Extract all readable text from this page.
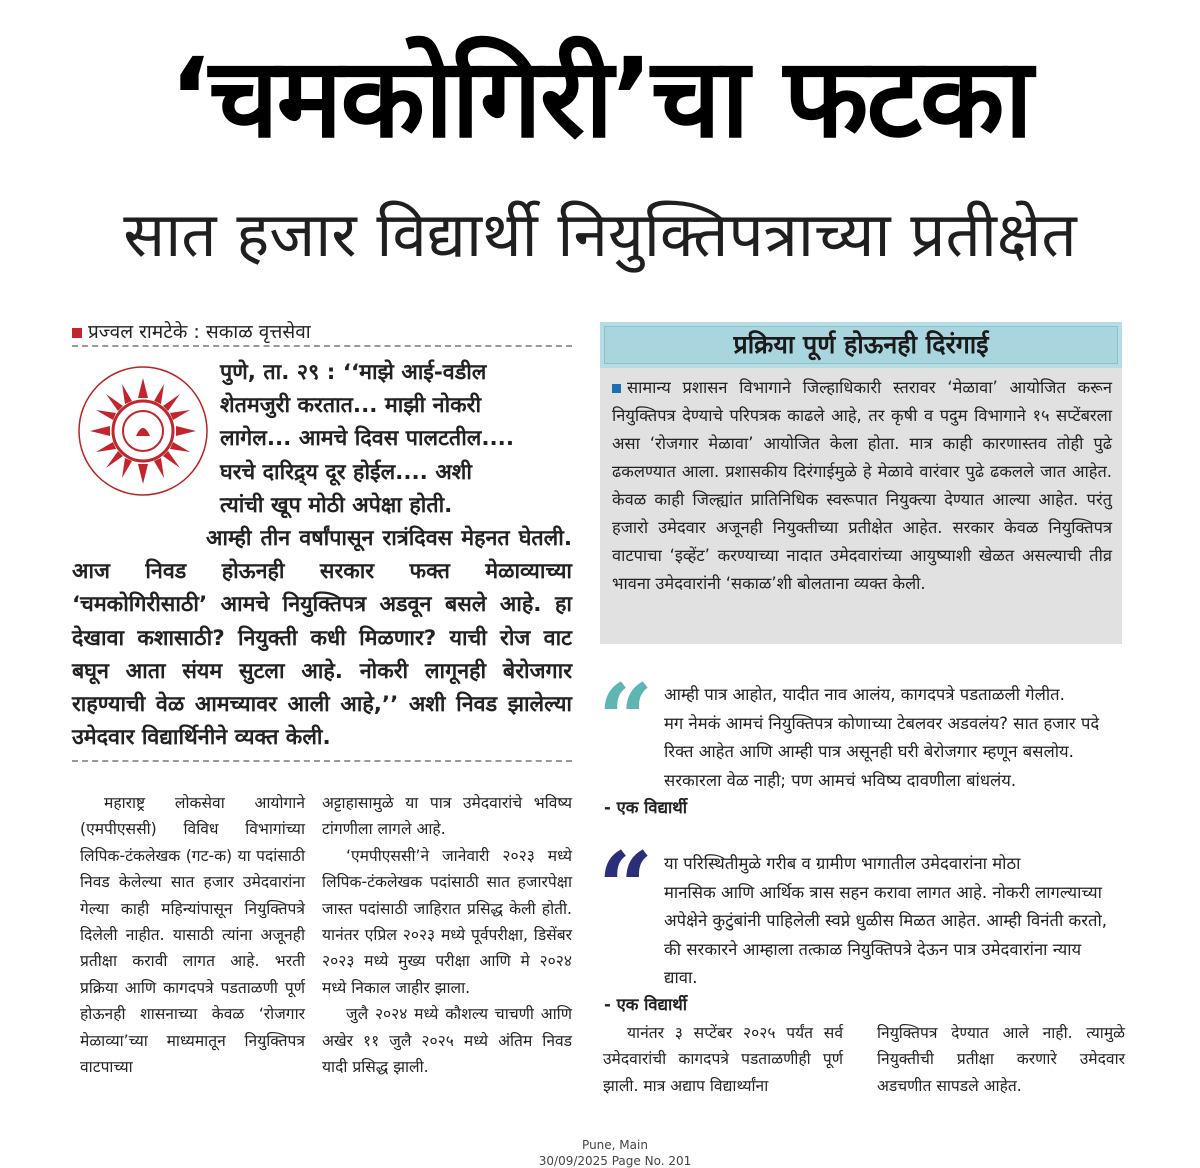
‘चमकोगिरी’चा फटका
सात हजार विद्यार्थी नियुक्तिपत्राच्या प्रतीक्षेत
प्रज्वल रामटेके : सकाळ वृत्तसेवा

पुणे, ता. २९ : ‘‘माझे आई-वडील
शेतमजुरी करतात... माझी नोकरी
लागेल... आमचे दिवस पालटतील....
घरचे दारिद्र्य दूर होईल.... अशी
त्यांची खूप मोठी अपेक्षा होती.
आम्ही तीन वर्षांपासून रात्रंदिवस मेहनत घेतली. आज निवड होऊनही सरकार फक्त मेळाव्याच्या ‘चमकोगिरीसाठी’ आमचे नियुक्तिपत्र अडवून बसले आहे. हा देखावा कशासाठी? नियुक्ती कधी मिळणार? याची रोज वाट बघून आता संयम सुटला आहे. नोकरी लागूनही बेरोजगार राहण्याची वेळ आमच्यावर आली आहे,’’ अशी निवड झालेल्या उमेदवार विद्यार्थिनीने व्यक्त केली.

महाराष्ट्र लोकसेवा आयोगाने (एमपीएससी) विविध विभागांच्या लिपिक-टंकलेखक (गट-क) या पदांसाठी निवड केलेल्या सात हजार उमेदवारांना गेल्या काही महिन्यांपासून नियुक्तिपत्रे दिलेली नाहीत. यासाठी त्यांना अजूनही प्रतीक्षा करावी लागत आहे. भरती प्रक्रिया आणि कागदपत्रे पडताळणी पूर्ण होऊनही शासनाच्या केवळ ‘रोजगार मेळाव्या’च्या माध्यमातून नियुक्तिपत्र वाटपाच्या

अट्टाहासामुळे या पात्र उमेदवारांचे भविष्य टांगणीला लागले आहे.

‘एमपीएससी’ने जानेवारी २०२३ मध्ये लिपिक-टंकलेखक पदांसाठी सात हजारपेक्षा जास्त पदांसाठी जाहिरात प्रसिद्ध केली होती. यानंतर एप्रिल २०२३ मध्ये पूर्वपरीक्षा, डिसेंबर २०२३ मध्ये मुख्य परीक्षा आणि मे २०२४ मध्ये निकाल जाहीर झाला.

जुलै २०२४ मध्ये कौशल्य चाचणी आणि अखेर ११ जुलै २०२५ मध्ये अंतिम निवड यादी प्रसिद्ध झाली.

प्रक्रिया पूर्ण होऊनही दिरंगाई
सामान्य प्रशासन विभागाने जिल्हाधिकारी स्तरावर ‘मेळावा’ आयोजित करून नियुक्तिपत्र देण्याचे परिपत्रक काढले आहे, तर कृषी व पदुम विभागाने १५ सप्टेंबरला असा ‘रोजगार मेळावा’ आयोजित केला होता. मात्र काही कारणास्तव तोही पुढे ढकलण्यात आला. प्रशासकीय दिरंगाईमुळे हे मेळावे वारंवार पुढे ढकलले जात आहेत. केवळ काही जिल्ह्यांत प्रातिनिधिक स्वरूपात नियुक्त्या देण्यात आल्या आहेत. परंतु हजारो उमेदवार अजूनही नियुक्तीच्या प्रतीक्षेत आहेत. सरकार केवळ नियुक्तिपत्र वाटपाचा ‘इव्हेंट’ करण्याच्या नादात उमेदवारांच्या आयुष्याशी खेळत असल्याची तीव्र भावना उमेदवारांनी ‘सकाळ’शी बोलताना व्यक्त केली.
“ आम्ही पात्र आहोत, यादीत नाव आलंय, कागदपत्रे पडताळली गेलीत.
मग नेमकं आमचं नियुक्तिपत्र कोणाच्या टेबलवर अडवलंय? सात हजार पदे रिक्त आहेत आणि आम्ही पात्र असूनही घरी बेरोजगार म्हणून बसलोय. सरकारला वेळ नाही; पण आमचं भविष्य दावणीला बांधलंय.
- एक विद्यार्थी
“ या परिस्थितीमुळे गरीब व ग्रामीण भागातील उमेदवारांना मोठा
मानसिक आणि आर्थिक त्रास सहन करावा लागत आहे. नोकरी लागल्याच्या अपेक्षेने कुटुंबांनी पाहिलेली स्वप्ने धुळीस मिळत आहेत. आम्ही विनंती करतो, की सरकारने आम्हाला तत्काळ नियुक्तिपत्रे देऊन पात्र उमेदवारांना न्याय द्यावा.
- एक विद्यार्थी

यानंतर ३ सप्टेंबर २०२५ पर्यंत सर्व उमेदवारांची कागदपत्रे पडताळणीही पूर्ण झाली. मात्र अद्याप विद्यार्थ्यांना

नियुक्तिपत्र देण्यात आले नाही. त्यामुळे नियुक्तीची प्रतीक्षा करणारे उमेदवार अडचणीत सापडले आहेत.

Pune, Main
30/09/2025 Page No. 201
